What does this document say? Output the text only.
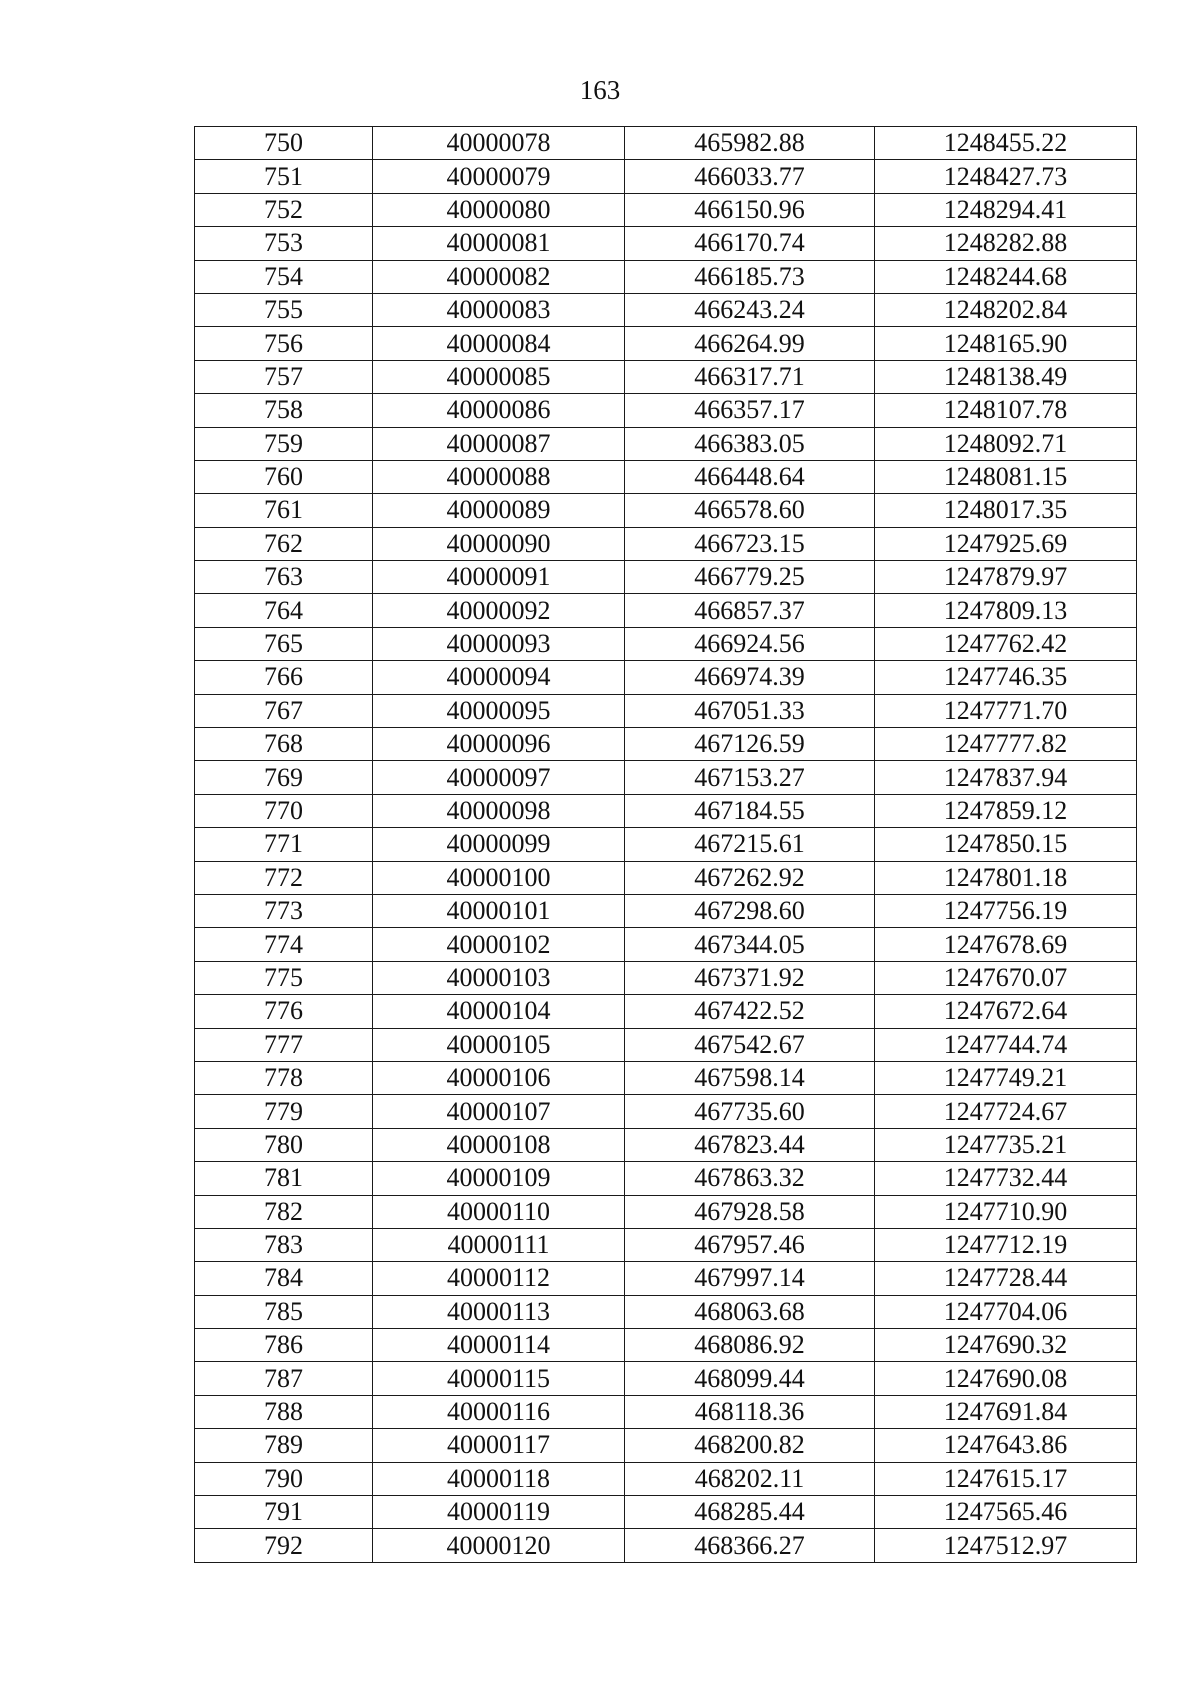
163
750	40000078	465982.88	1248455.22
751	40000079	466033.77	1248427.73
752	40000080	466150.96	1248294.41
753	40000081	466170.74	1248282.88
754	40000082	466185.73	1248244.68
755	40000083	466243.24	1248202.84
756	40000084	466264.99	1248165.90
757	40000085	466317.71	1248138.49
758	40000086	466357.17	1248107.78
759	40000087	466383.05	1248092.71
760	40000088	466448.64	1248081.15
761	40000089	466578.60	1248017.35
762	40000090	466723.15	1247925.69
763	40000091	466779.25	1247879.97
764	40000092	466857.37	1247809.13
765	40000093	466924.56	1247762.42
766	40000094	466974.39	1247746.35
767	40000095	467051.33	1247771.70
768	40000096	467126.59	1247777.82
769	40000097	467153.27	1247837.94
770	40000098	467184.55	1247859.12
771	40000099	467215.61	1247850.15
772	40000100	467262.92	1247801.18
773	40000101	467298.60	1247756.19
774	40000102	467344.05	1247678.69
775	40000103	467371.92	1247670.07
776	40000104	467422.52	1247672.64
777	40000105	467542.67	1247744.74
778	40000106	467598.14	1247749.21
779	40000107	467735.60	1247724.67
780	40000108	467823.44	1247735.21
781	40000109	467863.32	1247732.44
782	40000110	467928.58	1247710.90
783	40000111	467957.46	1247712.19
784	40000112	467997.14	1247728.44
785	40000113	468063.68	1247704.06
786	40000114	468086.92	1247690.32
787	40000115	468099.44	1247690.08
788	40000116	468118.36	1247691.84
789	40000117	468200.82	1247643.86
790	40000118	468202.11	1247615.17
791	40000119	468285.44	1247565.46
792	40000120	468366.27	1247512.97
